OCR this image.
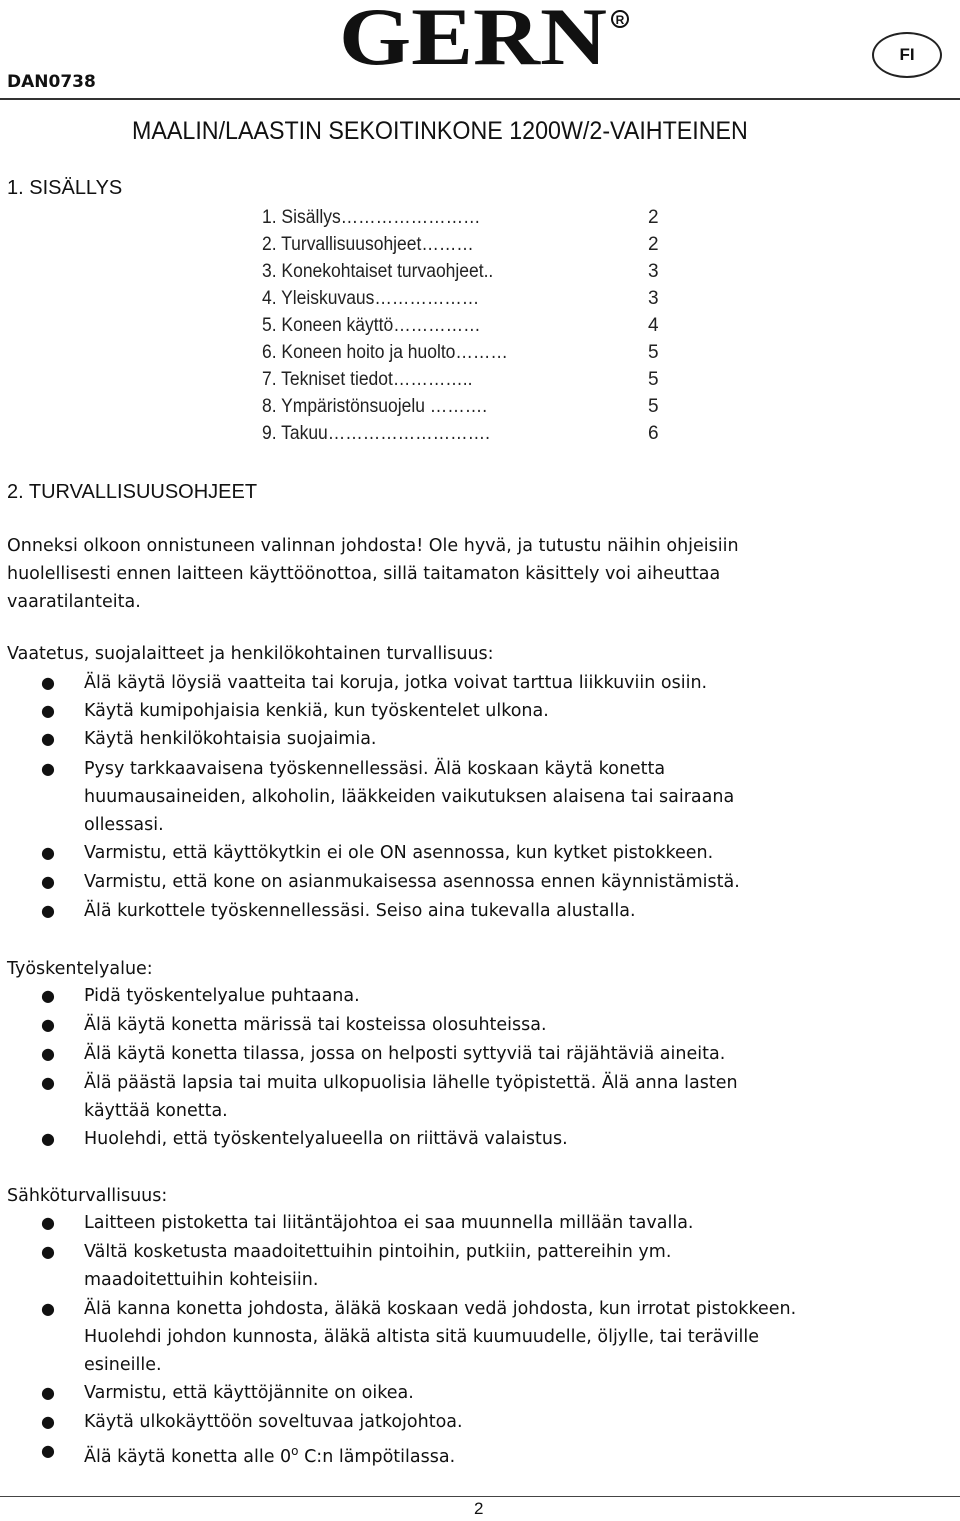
DAN0738	GERN R
FI
MAALIN/LAASTIN SEKOITINKONE 1200W/2-VAIHTEINEN
1. SISÄLLYS
1. Sisällys……………………	2
2. Turvallisuusohjeet………	2
3. Konekohtaiset turvaohjeet..	3
4. Yleiskuvaus………………	3
5. Koneen käyttö……………	4
6. Koneen hoito ja huolto………	5
7. Tekniset tiedot…………..	5
8. Ympäristönsuojelu ……….	5
9. Takuu……………………….	6
2. TURVALLISUUSOHJEET
Onneksi olkoon onnistuneen valinnan johdosta! Ole hyvä, ja tutustu näihin ohjeisiin
huolellisesti ennen laitteen käyttöönottoa, sillä taitamaton käsittely voi aiheuttaa
vaaratilanteita.
Vaatetus, suojalaitteet ja henkilökohtainen turvallisuus:
● Älä käytä löysiä vaatteita tai koruja, jotka voivat tarttua liikkuviin osiin.
● Käytä kumipohjaisia kenkiä, kun työskentelet ulkona.
● Käytä henkilökohtaisia suojaimia.
● Pysy tarkkaavaisena työskennellessäsi. Älä koskaan käytä konetta
huumausaineiden, alkoholin, lääkkeiden vaikutuksen alaisena tai sairaana
ollessasi.
● Varmistu, että käyttökytkin ei ole ON asennossa, kun kytket pistokkeen.
● Varmistu, että kone on asianmukaisessa asennossa ennen käynnistämistä.
● Älä kurkottele työskennellessäsi. Seiso aina tukevalla alustalla.
Työskentelyalue:
● Pidä työskentelyalue puhtaana.
● Älä käytä konetta märissä tai kosteissa olosuhteissa.
● Älä käytä konetta tilassa, jossa on helposti syttyviä tai räjähtäviä aineita.
● Älä päästä lapsia tai muita ulkopuolisia lähelle työpistettä. Älä anna lasten
käyttää konetta.
● Huolehdi, että työskentelyalueella on riittävä valaistus.
Sähköturvallisuus:
● Laitteen pistoketta tai liitäntäjohtoa ei saa muunnella millään tavalla.
● Vältä kosketusta maadoitettuihin pintoihin, putkiin, pattereihin ym.
maadoitettuihin kohteisiin.
● Älä kanna konetta johdosta, äläkä koskaan vedä johdosta, kun irrotat pistokkeen.
Huolehdi johdon kunnosta, äläkä altista sitä kuumuudelle, öljylle, tai teräville
esineille.
● Varmistu, että käyttöjännite on oikea.
● Käytä ulkokäyttöön soveltuvaa jatkojohtoa.
● Älä käytä konetta alle 0$^o$ C:n lämpötilassa.
2
